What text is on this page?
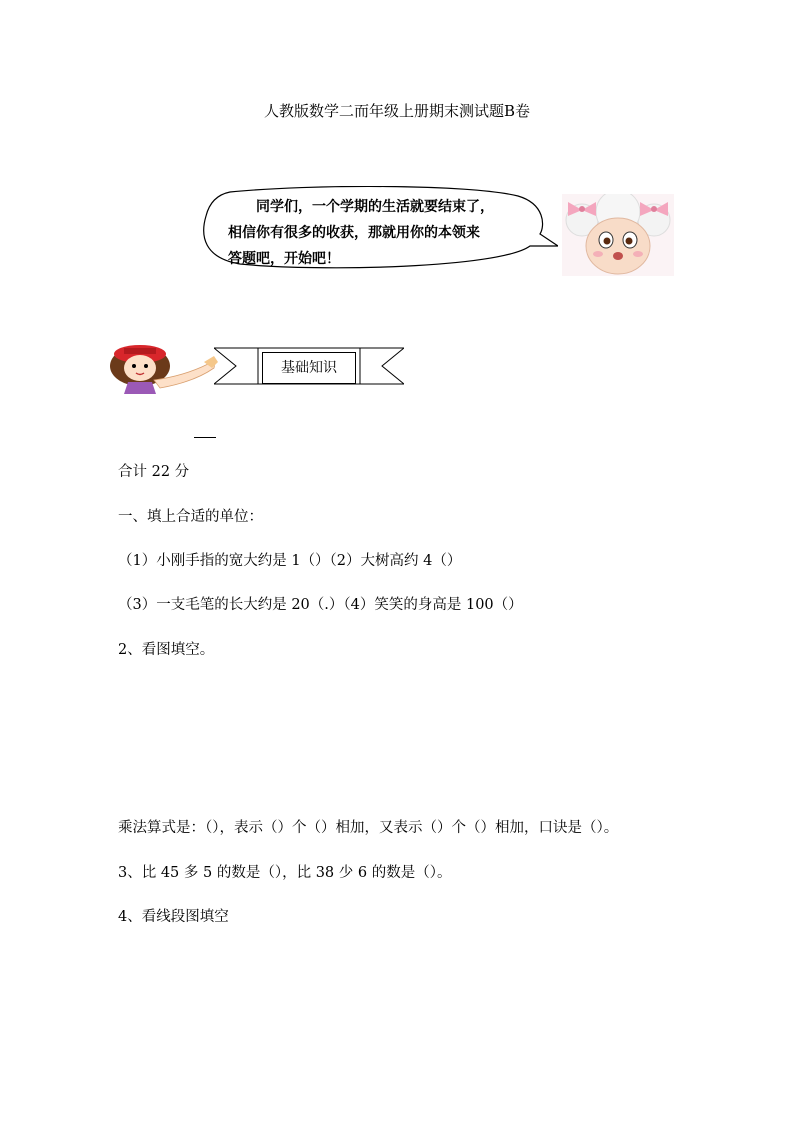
人教版数学二而年级上册期末测试题B卷
同学们，一个学期的生活就要结束了，
相信你有很多的收获，那就用你的本领来
答题吧，开始吧！
基础知识
合计 22 分
一、填上合适的单位：
（1）小刚手指的宽大约是 1（）（2）大树高约 4（）
（3）一支毛笔的长大约是 20（.）（4）笑笑的身高是 100（）
2、看图填空。
乘法算式是：（），表示（）个（）相加，又表示（）个（）相加，口诀是（）。
3、比 45 多 5 的数是（），比 38 少 6 的数是（）。
4、看线段图填空
